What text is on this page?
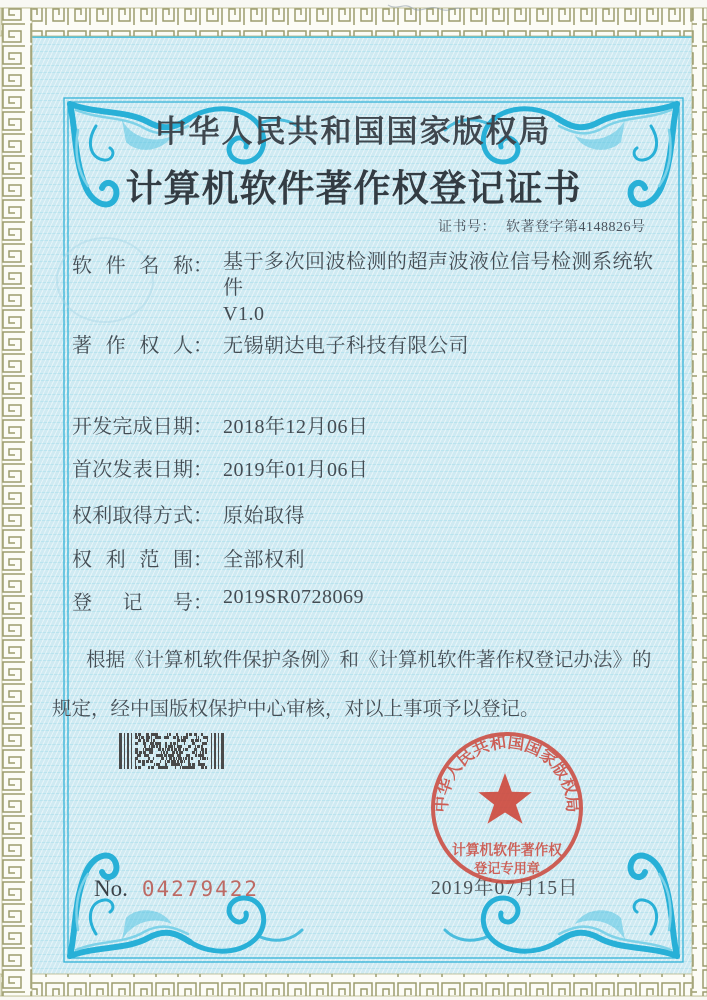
中华人民共和国国家版权局
计算机软件著作权登记证书
证书号： 软著登字第4148826号
软件名称： 基于多次回波检测的超声波液位信号检测系统软
件
V1.0
著作权人： 无锡朝达电子科技有限公司
开发完成日期： 2018年12月06日
首次发表日期： 2019年01月06日
权利取得方式： 原始取得
权利范围： 全部权利
登记号： 2019SR0728069
根据《计算机软件保护条例》和《计算机软件著作权登记办法》的
规定，经中国版权保护中心审核，对以上事项予以登记。
2019年07月15日
No. 04279422
中华人民共和国国家版权局
计算机软件著作权
登记专用章
